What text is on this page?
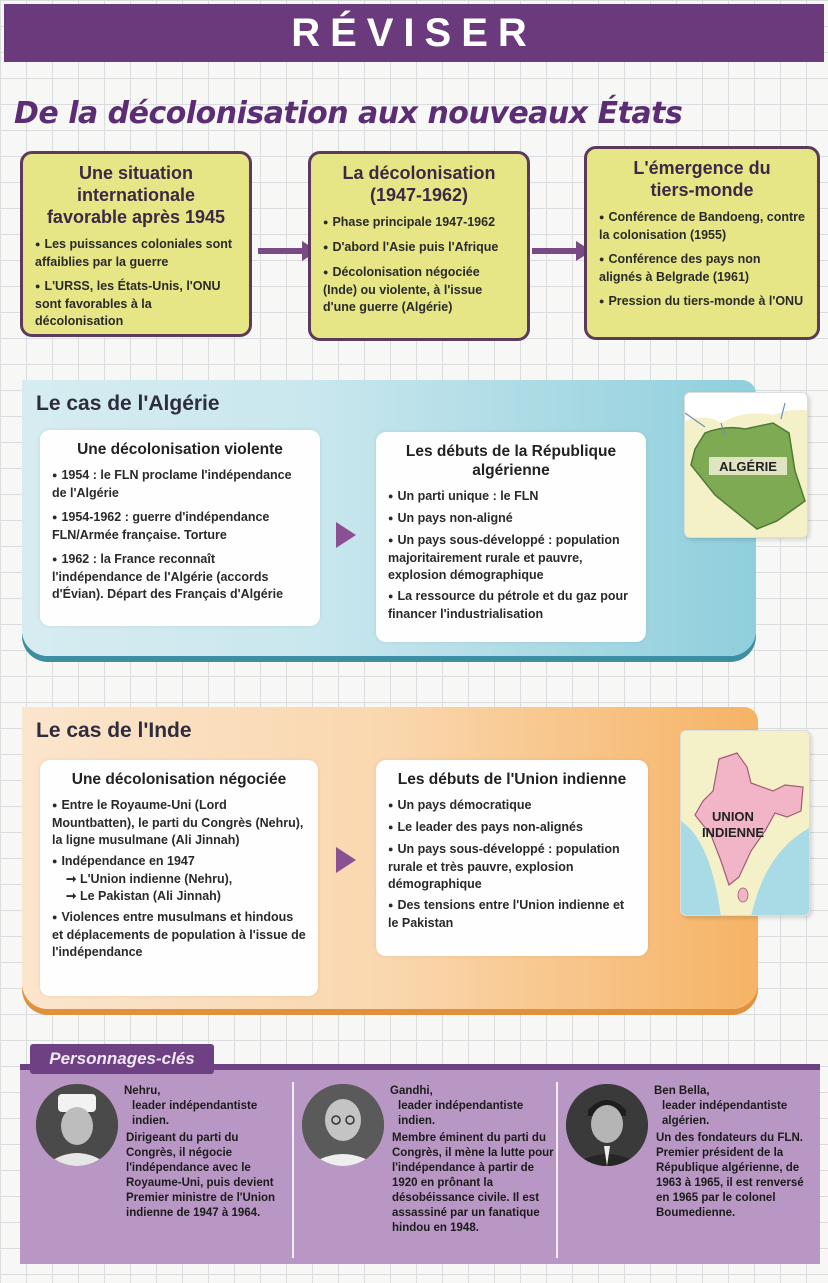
RÉVISER
De la décolonisation aux nouveaux États
Une situation internationale favorable après 1945

● Les puissances coloniales sont affaiblies par la guerre

● L'URSS, les États-Unis, l'ONU sont favorables à la décolonisation

La décolonisation (1947-1962)

● Phase principale 1947-1962

● D'abord l'Asie puis l'Afrique

● Décolonisation négociée (Inde) ou violente, à l'issue d'une guerre (Algérie)

L'émergence du tiers-monde

● Conférence de Bandoeng, contre la colonisation (1955)

● Conférence des pays non alignés à Belgrade (1961)

● Pression du tiers-monde à l'ONU

Le cas de l'Algérie
Une décolonisation violente

● 1954 : le FLN proclame l'indépendance de l'Algérie

● 1954-1962 : guerre d'indépendance FLN/Armée française. Torture

● 1962 : la France reconnaît l'indépendance de l'Algérie (accords d'Évian). Départ des Français d'Algérie

Les débuts de la République algérienne

● Un parti unique : le FLN

● Un pays non-aligné

● Un pays sous-développé : population majoritairement rurale et pauvre, explosion démographique

● La ressource du pétrole et du gaz pour financer l'industrialisation

ALGÉRIE
Le cas de l'Inde
Une décolonisation négociée

● Entre le Royaume-Uni (Lord Mountbatten), le parti du Congrès (Nehru), la ligne musulmane (Ali Jinnah)

● Indépendance en 1947

➞ L'Union indienne (Nehru),

➞ Le Pakistan (Ali Jinnah)

● Violences entre musulmans et hindous et déplacements de population à l'issue de l'indépendance

Les débuts de l'Union indienne

● Un pays démocratique

● Le leader des pays non-alignés

● Un pays sous-développé : population rurale et très pauvre, explosion démographique

● Des tensions entre l'Union indienne et le Pakistan

UNION
INDIENNE

Nehru,

leader indépendantiste indien.

Dirigeant du parti du Congrès, il négocie l'indépendance avec le Royaume-Uni, puis devient Premier ministre de l'Union indienne de 1947 à 1964.

Gandhi,

leader indépendantiste indien.

Membre éminent du parti du Congrès, il mène la lutte pour l'indépendance à partir de 1920 en prônant la désobéissance civile. Il est assassiné par un fanatique hindou en 1948.

Ben Bella,

leader indépendantiste algérien.

Un des fondateurs du FLN. Premier président de la République algérienne, de 1963 à 1965, il est renversé en 1965 par le colonel Boumedienne.

Personnages-clés
